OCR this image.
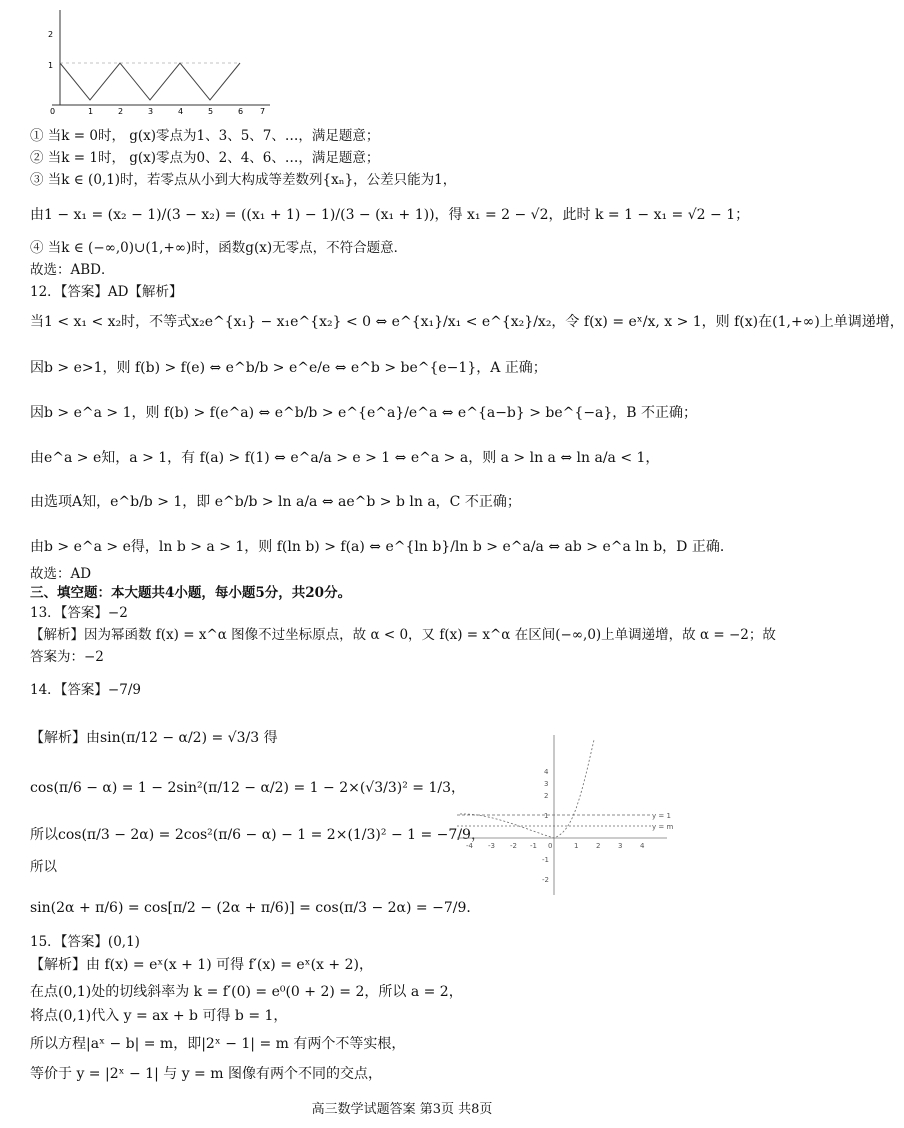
2
1
0	1	2	3	4	5	6 7
① 当k = 0时， g(x)零点为1、3、5、7、…，满足题意；
② 当k = 1时， g(x)零点为0、2、4、6、…，满足题意；
③ 当k ∈ (0,1)时，若零点从小到大构成等差数列{xₙ}，公差只能为1，
由1 − x₁ = (x₂ − 1)/(3 − x₂) = ((x₁ + 1) − 1)/(3 − (x₁ + 1))，得 x₁ = 2 − √2，此时 k = 1 − x₁ = √2 − 1；
④ 当k ∈ (−∞,0)∪(1,+∞)时，函数g(x)无零点，不符合题意．
故选：ABD．
12．【答案】AD【解析】
当1 < x₁ < x₂时，不等式x₂e^{x₁} − x₁e^{x₂} < 0 ⇔ e^{x₁}/x₁ < e^{x₂}/x₂，令 f(x) = eˣ/x, x > 1，则 f(x)在(1,+∞)上单调递增，
因b > e>1，则 f(b) > f(e) ⇔ e^b/b > e^e/e ⇔ e^b > be^{e−1}，A 正确；
因b > e^a > 1，则 f(b) > f(e^a) ⇔ e^b/b > e^{e^a}/e^a ⇔ e^{a−b} > be^{−a}，B 不正确；
由e^a > e知，a > 1，有 f(a) > f(1) ⇔ e^a/a > e > 1 ⇔ e^a > a，则 a > ln a ⇔ ln a/a < 1，
由选项A知，e^b/b > 1，即 e^b/b > ln a/a ⇔ ae^b > b ln a，C 不正确；
由b > e^a > e得，ln b > a > 1，则 f(ln b) > f(a) ⇔ e^{ln b}/ln b > e^a/a ⇔ ab > e^a ln b，D 正确．
故选：AD
三、填空题：本大题共4小题，每小题5分，共20分。
13．【答案】−2
【解析】因为幂函数 f(x) = x^α 图像不过坐标原点，故 α < 0，又 f(x) = x^α 在区间(−∞,0)上单调递增，故 α = −2；故
答案为：−2
14．【答案】−7/9
【解析】由sin(π/12 − α/2) = √3/3 得
cos(π/6 − α) = 1 − 2sin²(π/12 − α/2) = 1 − 2×(√3/3)² = 1/3，
所以cos(π/3 − 2α) = 2cos²(π/6 − α) − 1 = 2×(1/3)² − 1 = −7/9，
所以
sin(2α + π/6) = cos[π/2 − (2α + π/6)] = cos(π/3 − 2α) = −7/9．
4
3
2
1
-1
-2
-4 -3 -2 -1 0	1	2	3	4
y = 1
y = m
15．【答案】(0,1)
【解析】由 f(x) = eˣ(x + 1) 可得 f′(x) = eˣ(x + 2)，
在点(0,1)处的切线斜率为 k = f′(0) = e⁰(0 + 2) = 2，所以 a = 2，
将点(0,1)代入 y = ax + b 可得 b = 1，
所以方程|aˣ − b| = m，即|2ˣ − 1| = m 有两个不等实根，
等价于 y = |2ˣ − 1| 与 y = m 图像有两个不同的交点，
高三数学试题答案 第3页 共8页
